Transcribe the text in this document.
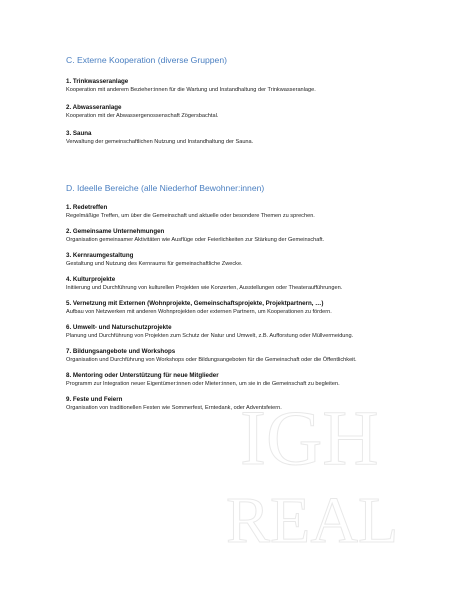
C. Externe Kooperation (diverse Gruppen)

1. Trinkwasseranlage

Kooperation mit anderem Bezieher:innen für die Wartung und Instandhaltung der Trinkwasseranlage.

2. Abwasseranlage

Kooperation mit der Abwassergenossenschaft Zögersbachtal.

3. Sauna

Verwaltung der gemeinschaftlichen Nutzung und Instandhaltung der Sauna.

D. Ideelle Bereiche (alle Niederhof Bewohner:innen)

1. Redetreffen

Regelmäßige Treffen, um über die Gemeinschaft und aktuelle oder besondere Themen zu sprechen.

2. Gemeinsame Unternehmungen

Organisation gemeinsamer Aktivitäten wie Ausflüge oder Feierlichkeiten zur Stärkung der Gemeinschaft.

3. Kernraumgestaltung

Gestaltung und Nutzung des Kernraums für gemeinschaftliche Zwecke.

4. Kulturprojekte

Initiierung und Durchführung von kulturellen Projekten wie Konzerten, Ausstellungen oder Theateraufführungen.

5. Vernetzung mit Externen (Wohnprojekte, Gemeinschaftsprojekte, Projektpartnern, …)

Aufbau von Netzwerken mit anderen Wohnprojekten oder externen Partnern, um Kooperationen zu fördern.

6. Umwelt- und Naturschutzprojekte

Planung und Durchführung von Projekten zum Schutz der Natur und Umwelt, z.B. Aufforstung oder Müllvermeidung.

7. Bildungsangebote und Workshops

Organisation und Durchführung von Workshops oder Bildungsangeboten für die Gemeinschaft oder die Öffentlichkeit.

8. Mentoring oder Unterstützung für neue Mitglieder

Programm zur Integration neuer Eigentümer:innen oder Mieter:innen, um sie in die Gemeinschaft zu begleiten.

9. Feste und Feiern

Organisation von traditionellen Festen wie Sommerfest, Erntedank, oder Adventsfeiern.

IGH
REAL
